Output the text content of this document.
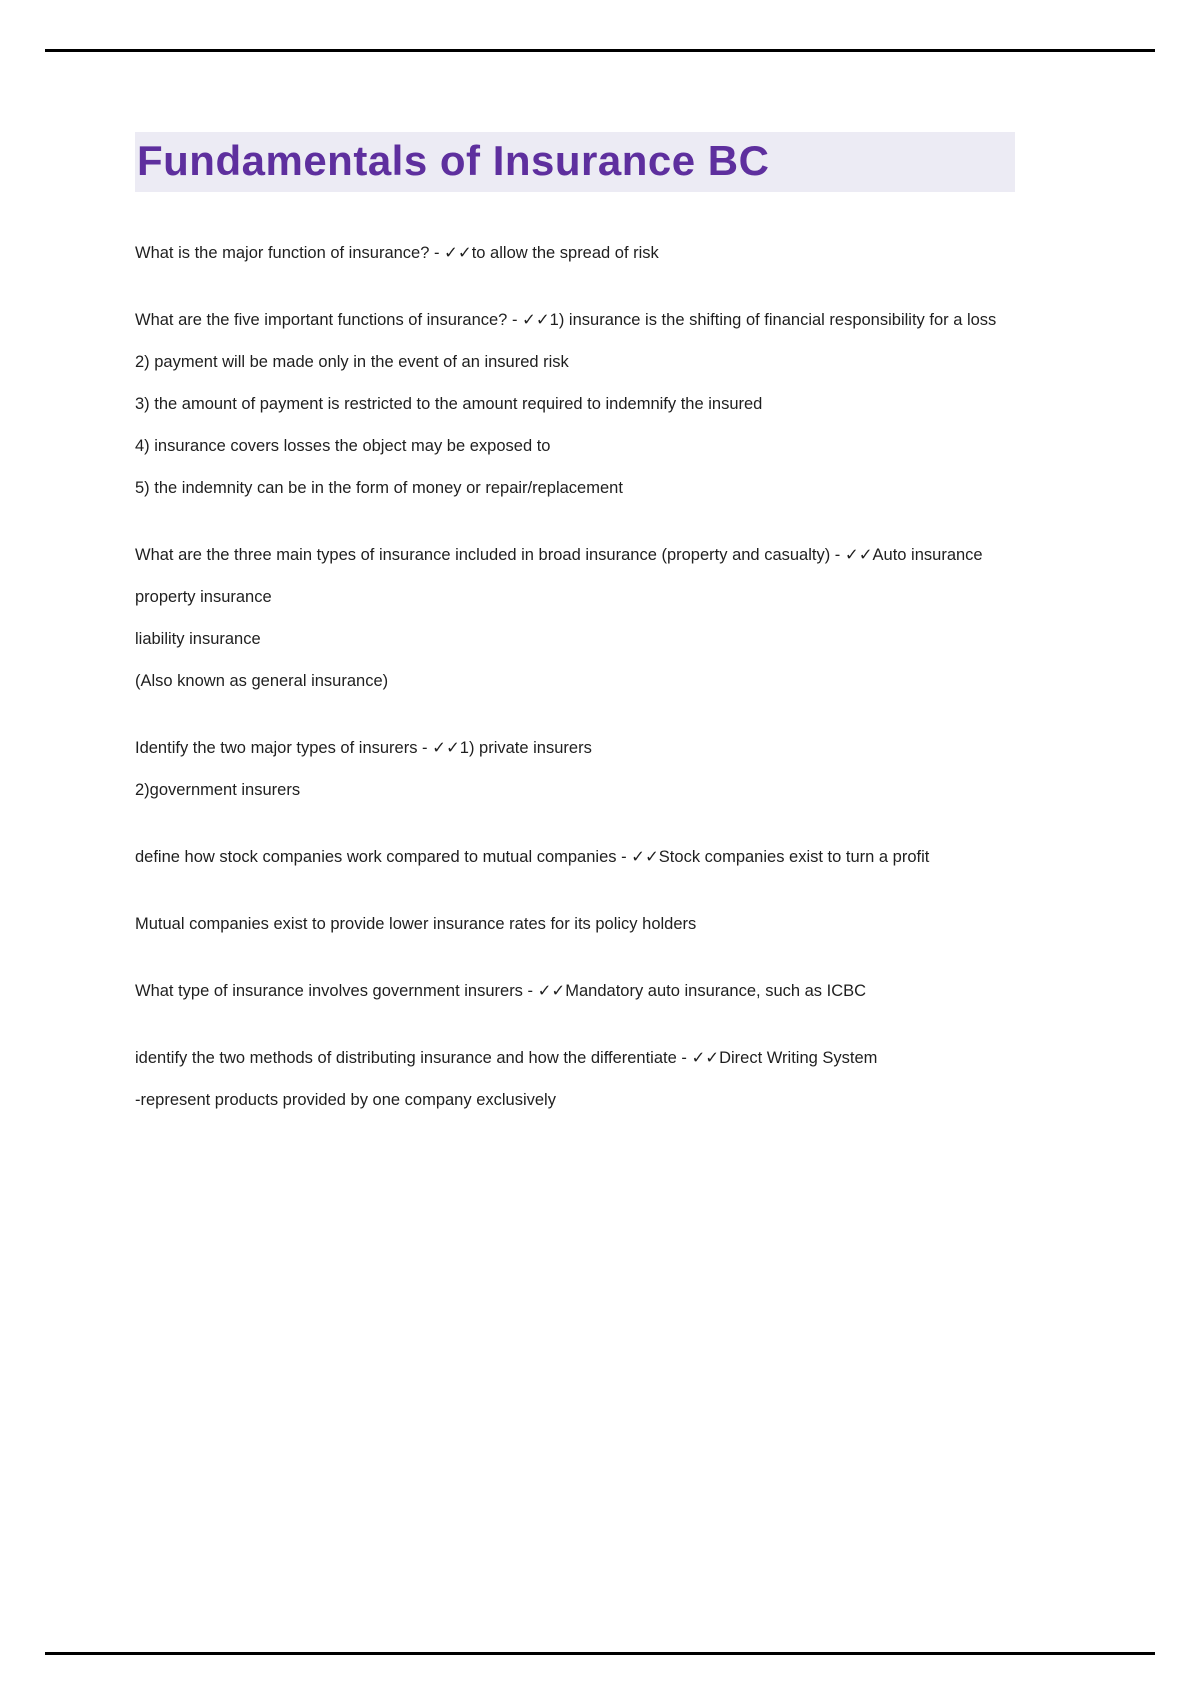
Fundamentals of Insurance BC

What is the major function of insurance? - ✓✓to allow the spread of risk

What are the five important functions of insurance? - ✓✓1) insurance is the shifting of financial responsibility for a loss

2) payment will be made only in the event of an insured risk

3) the amount of payment is restricted to the amount required to indemnify the insured

4) insurance covers losses the object may be exposed to

5) the indemnity can be in the form of money or repair/replacement

What are the three main types of insurance included in broad insurance (property and casualty) - ✓✓Auto insurance

property insurance

liability insurance

(Also known as general insurance)

Identify the two major types of insurers - ✓✓1) private insurers

2)government insurers

define how stock companies work compared to mutual companies - ✓✓Stock companies exist to turn a profit

Mutual companies exist to provide lower insurance rates for its policy holders

What type of insurance involves government insurers - ✓✓Mandatory auto insurance, such as ICBC

identify the two methods of distributing insurance and how the differentiate - ✓✓Direct Writing System

-represent products provided by one company exclusively
